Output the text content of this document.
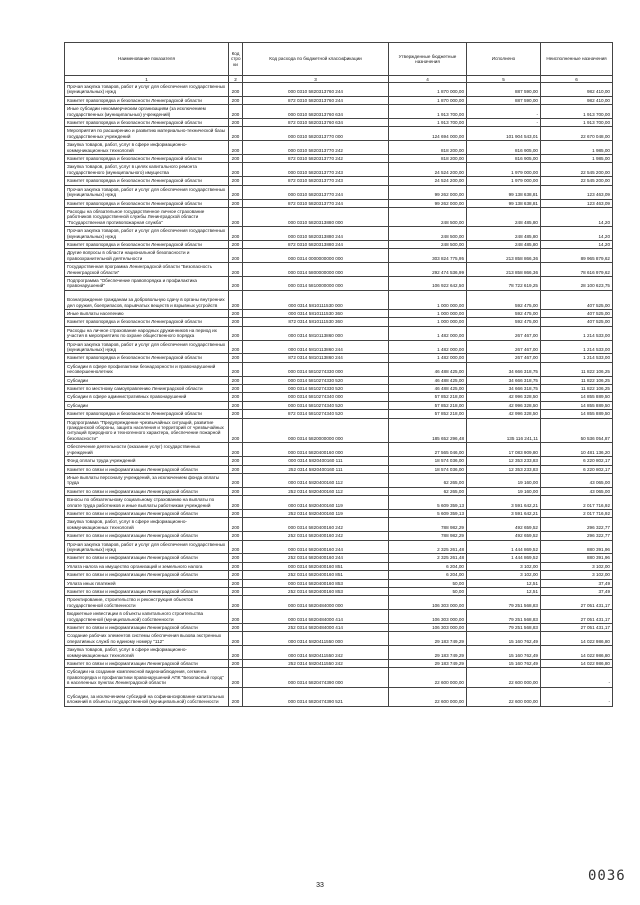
Наименование показателя	Код стро ки	Код расхода по бюджетной классификации	Утвержденные бюджетные назначения	Исполнено	Неисполненные назначения
1	2	3	4	5	6
Прочая закупка товаров, работ и услуг для обеспечения государственных (муниципальных) нужд	200	000 0310 5820313760 244	1 870 000,00	887 590,00	982 410,00
Комитет правопорядка и безопасности Ленинградской области	200	872 0310 5820313760 244	1 870 000,00	887 590,00	982 410,00
Иные субсидии некоммерческим организациям (за исключением государственных (муниципальных) учреждений)	200	000 0310 5820313760 634	1 913 700,00	-	1 913 700,00
Комитет правопорядка и безопасности Ленинградской области	200	872 0310 5820313760 634	1 913 700,00	-	1 913 700,00
Мероприятия по расширению и развитию материально-технической базы государственных учреждений	200	000 0310 5820313770 000	124 694 000,00	101 904 543,01	22 670 048,00
Закупка товаров, работ, услуг в сфере информационно-коммуникационных технологий	200	000 0310 5820313770 242	818 200,00	816 905,00	1 985,00
Комитет правопорядка и безопасности Ленинградской области	200	872 0310 5820313770 242	818 200,00	816 905,00	1 985,00
Закупка товаров, работ, услуг в целях капитального ремонта государственного (муниципального) имущества	200	000 0310 5820313770 243	24 524 200,00	1 979 000,00	22 545 200,00
Комитет правопорядка и безопасности Ленинградской области	200	872 0310 5820313770 243	24 524 200,00	1 979 000,00	22 545 200,00
Прочая закупка товаров, работ и услуг для обеспечения государственных (муниципальных) нужд	200	000 0310 5820313770 244	99 262 000,00	99 138 638,81	123 463,09
Комитет правопорядка и безопасности Ленинградской области	200	872 0310 5820313770 244	99 262 000,00	99 138 638,81	123 463,09
Расходы на обязательное государственное личное страхование работников государственной службы Ленинградской области "Государственная противопожарная служба"	200	000 0310 5820313880 000	248 500,00	248 485,80	14,20
Прочая закупка товаров, работ и услуг для обеспечения государственных (муниципальных) нужд	200	000 0310 5820313880 244	248 500,00	248 485,80	14,20
Комитет правопорядка и безопасности Ленинградской области	200	872 0310 5820313880 244	248 500,00	248 485,80	14,20
Другие вопросы в области национальной безопасности и правоохранительной деятельности	200	000 0314 0000000000 000	303 824 775,95	213 858 866,36	89 965 879,62
Государственная программа Ленинградской области "Безопасность Ленинградской области"	200	000 0314 5800000000 000	292 474 536,99	213 858 866,36	78 616 979,62
Подпрограмма "Обеспечение правопорядка и профилактика правонарушений"	200	000 0314 5810000000 000	106 922 642,50	78 722 619,25	28 100 623,75
Вознаграждение гражданам за добровольную сдачу в органы внутренних дел оружия, боеприпасов, взрывчатых веществ и взрывных устройств	200	000 0314 5810111530 000	1 000 000,00	592 475,00	407 525,00
Иные выплаты населению	200	000 0314 5810111530 360	1 000 000,00	592 475,00	407 525,00
Комитет правопорядка и безопасности Ленинградской области	200	872 0314 5810111530 360	1 000 000,00	592 475,00	407 525,00
Расходы на личное страхование народных дружинников на период их участия в мероприятиях по охране общественного порядка	200	000 0314 5810113860 000	1 482 000,00	267 467,00	1 214 533,00
Прочая закупка товаров, работ и услуг для обеспечения государственных (муниципальных) нужд	200	000 0314 5810113860 244	1 482 000,00	267 467,00	1 214 533,00
Комитет правопорядка и безопасности Ленинградской области	200	872 0314 5810113860 244	1 482 000,00	267 467,00	1 214 533,00
Субсидии в сфере профилактики безнадзорности и правонарушений несовершеннолетних	200	000 0314 5810274330 000	46 488 425,00	34 666 318,75	11 822 106,25
Субсидии	200	000 0314 5810274330 520	46 488 425,00	34 666 318,75	11 822 106,25
Комитет по местному самоуправлению Ленинградской области	200	000 0314 5810274330 520	46 488 425,00	34 666 318,75	11 822 106,25
Субсидии в сфере административных правонарушений	200	000 0314 5810274340 000	57 852 218,00	42 996 328,50	14 855 889,50
Субсидии	200	000 0314 5810274340 520	57 852 218,00	42 996 328,50	14 855 889,50
Комитет правопорядка и безопасности Ленинградской области	200	872 0314 5810274340 520	57 852 218,00	42 996 328,50	14 855 889,50
Подпрограмма "Предупреждение чрезвычайных ситуаций, развитие гражданской обороны, защита населения и территорий от чрезвычайных ситуаций природного и техногенного характера, обеспечение пожарной безопасности"	200	000 0314 5820000000 000	185 652 296,48	135 116 241,11	50 536 054,87
Обеспечение деятельности (оказание услуг) государственных учреждений	200	000 0314 5820400160 000	27 565 046,00	17 083 909,80	10 481 136,20
Фонд оплаты труда учреждений	200	000 0314 5820400160 111	18 574 036,00	12 353 233,83	6 220 802,17
Комитет по связи и информатизации Ленинградской области	200	252 0314 5820400160 111	18 574 036,00	12 353 233,83	6 220 802,17
Иные выплаты персоналу учреждений, за исключением фонда оплаты труда	200	000 0314 5820400160 112	62 265,00	19 160,00	43 065,00
Комитет по связи и информатизации Ленинградской области	200	252 0314 5820400160 112	62 265,00	19 160,00	43 065,00
Взносы по обязательному социальному страхованию на выплаты по оплате труда работников и иные выплаты работникам учреждений	200	000 0314 5820400160 119	5 609 359,13	3 591 642,21	2 017 716,92
Комитет по связи и информатизации Ленинградской области	200	252 0314 5820400160 119	5 609 359,13	3 591 642,21	2 017 716,92
Закупка товаров, работ, услуг в сфере информационно-коммуникационных технологий	200	000 0314 5820400160 242	788 982,29	492 659,52	296 322,77
Комитет по связи и информатизации Ленинградской области	200	252 0314 5820400160 242	788 982,29	492 659,52	296 322,77
Прочая закупка товаров, работ и услуг для обеспечения государственных (муниципальных) нужд	200	000 0314 5820400160 244	2 325 261,48	1 444 869,52	880 391,96
Комитет по связи и информатизации Ленинградской области	200	252 0314 5820400160 244	2 325 261,48	1 444 869,52	880 391,96
Уплата налога на имущество организаций и земельного налога	200	000 0314 5820400160 851	6 204,00	3 102,00	3 102,00
Комитет по связи и информатизации Ленинградской области	200	252 0314 5820400160 851	6 204,00	3 102,00	3 102,00
Уплата иных платежей	200	000 0314 5820400160 853	50,00	12,51	37,49
Комитет по связи и информатизации Ленинградской области	200	252 0314 5820400160 853	50,00	12,51	37,49
Проектирование, строительство и реконструкция объектов государственной собственности	200	000 0314 5820484000 000	106 303 000,00	79 251 568,83	27 051 431,17
Бюджетные инвестиции в объекты капитального строительства государственной (муниципальной) собственности	200	000 0314 5820484000 414	106 303 000,00	79 251 568,83	27 051 431,17
Комитет по связи и информатизации Ленинградской области	200	252 0314 5820484000 414	106 303 000,00	79 251 568,83	27 051 431,17
Создание рабочих элементов системы обеспечения вызова экстренных оперативных служб по единому номеру "112"	200	000 0314 5820411550 000	29 183 749,29	15 160 762,49	14 022 986,80
Закупка товаров, работ, услуг в сфере информационно-коммуникационных технологий	200	000 0314 5820411550 242	29 183 749,29	15 160 762,49	14 022 986,80
Комитет по связи и информатизации Ленинградской области	200	252 0314 5820411550 242	29 183 749,29	15 160 762,49	14 022 986,80
Субсидии на создание комплексной видеонаблюдения, сегмента правопорядка и профилактики правонарушений АПК "Безопасный город" в населенных пунктах Ленинградской области	200	000 0314 5820474390 000	22 600 000,00	22 600 000,00	-
Субсидии, за исключением субсидий на софинансирование капитальных вложений в объекты государственной (муниципальной) собственности	200	000 0314 5820474390 521	22 600 000,00	22 600 000,00	-
33
0036
